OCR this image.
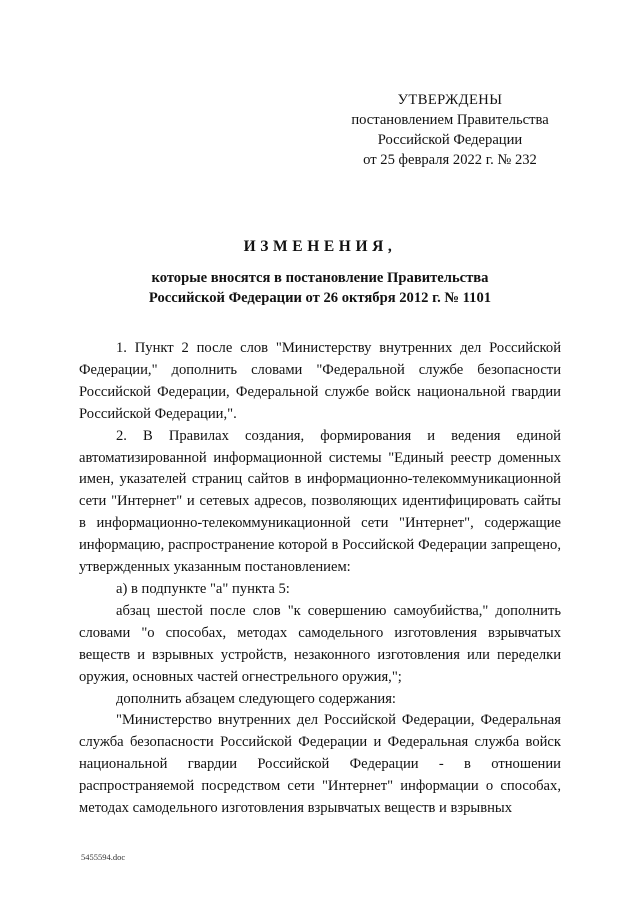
УТВЕРЖДЕНЫ
постановлением Правительства
Российской Федерации
от 25 февраля 2022 г. № 232
ИЗМЕНЕНИЯ,
которые вносятся в постановление Правительства
Российской Федерации от 26 октября 2012 г. № 1101

1. Пункт 2 после слов "Министерству внутренних дел Российской Федерации," дополнить словами "Федеральной службе безопасности Российской Федерации, Федеральной службе войск национальной гвардии Российской Федерации,".

2. В Правилах создания, формирования и ведения единой автоматизированной информационной системы "Единый реестр доменных имен, указателей страниц сайтов в информационно-телекоммуникационной сети "Интернет" и сетевых адресов, позволяющих идентифицировать сайты в информационно-телекоммуникационной сети "Интернет", содержащие информацию, распространение которой в Российской Федерации запрещено, утвержденных указанным постановлением:

а) в подпункте "а" пункта 5:

абзац шестой после слов "к совершению самоубийства," дополнить словами "о способах, методах самодельного изготовления взрывчатых веществ и взрывных устройств, незаконного изготовления или переделки оружия, основных частей огнестрельного оружия,";

дополнить абзацем следующего содержания:

"Министерство внутренних дел Российской Федерации, Федеральная служба безопасности Российской Федерации и Федеральная служба войск национальной гвардии Российской Федерации - в отношении распространяемой посредством сети "Интернет" информации о способах, методах самодельного изготовления взрывчатых веществ и взрывных

5455594.doc
